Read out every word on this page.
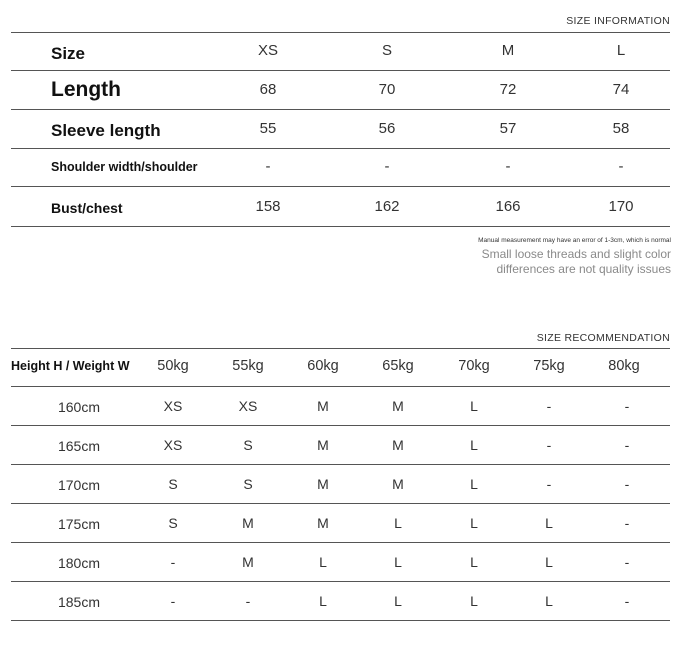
SIZE INFORMATION
Size	XS	S	M	L
Length	68	70	72	74
Sleeve length	55	56	57	58
Shoulder width/shoulder	-	-	-	-
Bust/chest	158	162	166	170
Manual measurement may have an error of 1-3cm, which is normal
Small loose threads and slight color
differences are not quality issues
SIZE RECOMMENDATION
Height H / Weight W	50kg	55kg	60kg	65kg	70kg	75kg	80kg
160cm	XS	XS	M	M	L	-	-
165cm	XS	S	M	M	L	-	-
170cm	S	S	M	M	L	-	-
175cm	S	M	M	L	L	L	-
180cm	-	M	L	L	L	L	-
185cm	-	-	L	L	L	L	-
